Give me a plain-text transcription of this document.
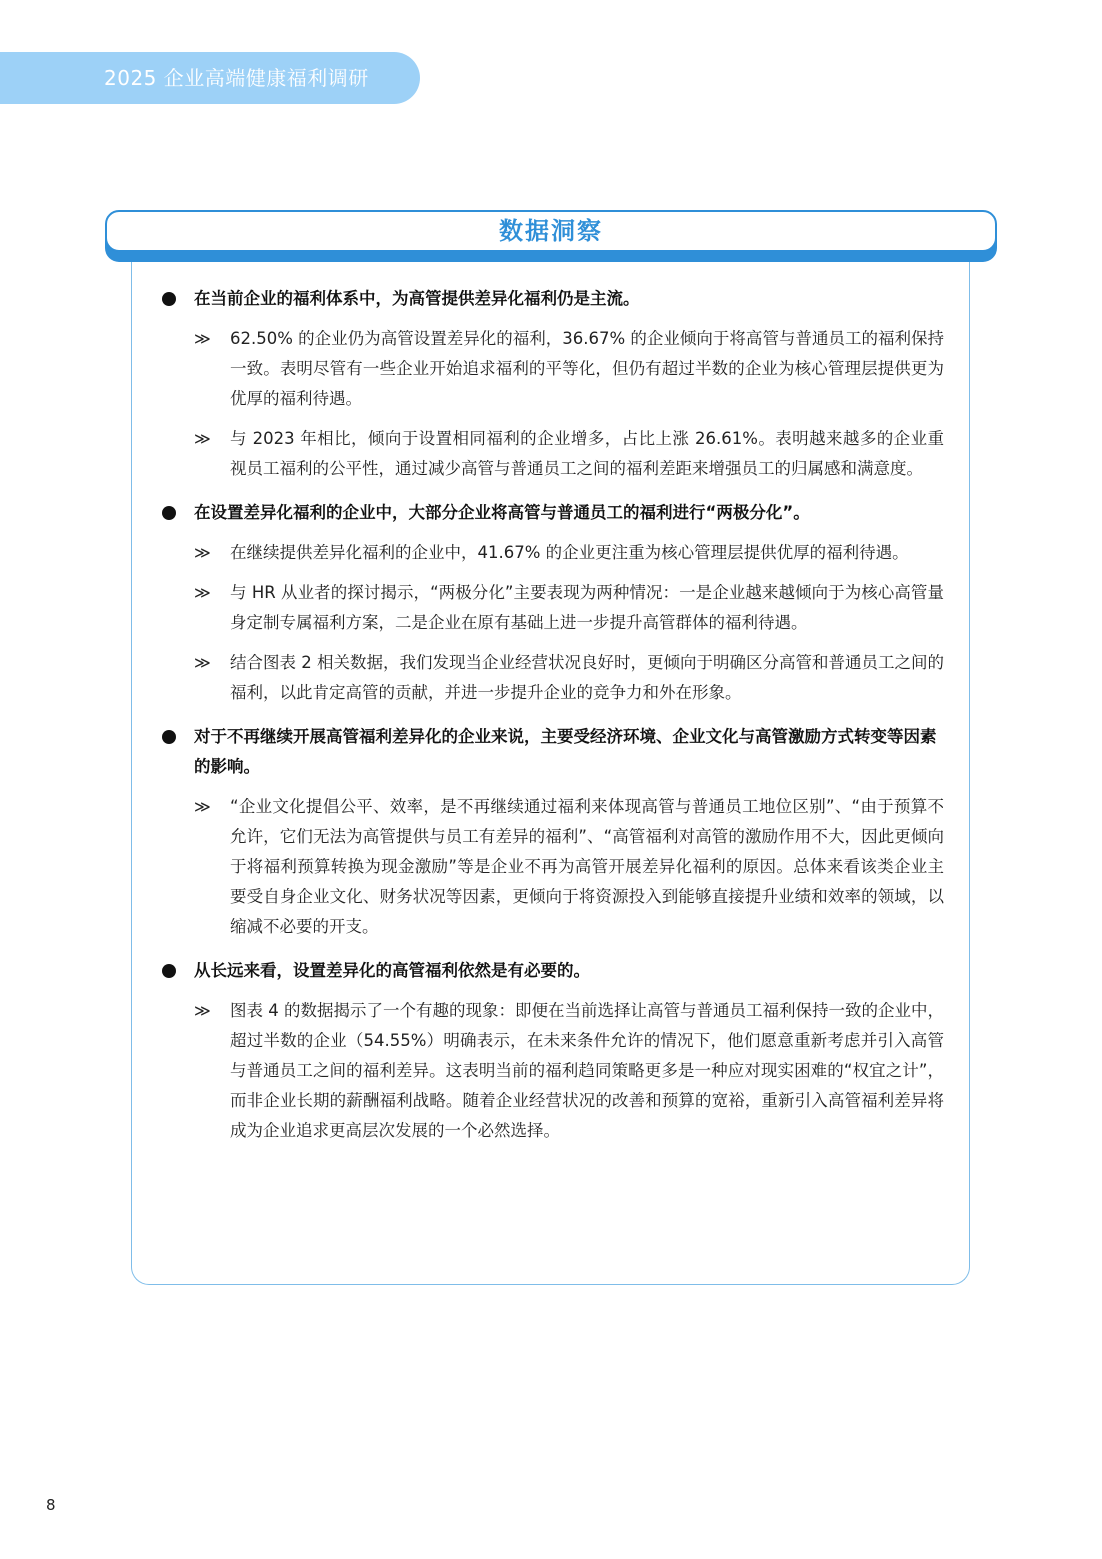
2025 企业高端健康福利调研
数据洞察
在当前企业的福利体系中，为高管提供差异化福利仍是主流。
≫ 62.50% 的企业仍为高管设置差异化的福利，36.67% 的企业倾向于将高管与普通员工的福利保持一致。表明尽管有一些企业开始追求福利的平等化，但仍有超过半数的企业为核心管理层提供更为优厚的福利待遇。
≫ 与 2023 年相比，倾向于设置相同福利的企业增多，占比上涨 26.61%。表明越来越多的企业重视员工福利的公平性，通过减少高管与普通员工之间的福利差距来增强员工的归属感和满意度。
在设置差异化福利的企业中，大部分企业将高管与普通员工的福利进行“两极分化”。
≫ 在继续提供差异化福利的企业中，41.67% 的企业更注重为核心管理层提供优厚的福利待遇。
≫ 与 HR 从业者的探讨揭示，“两极分化”主要表现为两种情况：一是企业越来越倾向于为核心高管量身定制专属福利方案，二是企业在原有基础上进一步提升高管群体的福利待遇。
≫ 结合图表 2 相关数据，我们发现当企业经营状况良好时，更倾向于明确区分高管和普通员工之间的福利，以此肯定高管的贡献，并进一步提升企业的竞争力和外在形象。
对于不再继续开展高管福利差异化的企业来说，主要受经济环境、企业文化与高管激励方式转变等因素的影响。
≫ “企业文化提倡公平、效率，是不再继续通过福利来体现高管与普通员工地位区别”、“由于预算不允许，它们无法为高管提供与员工有差异的福利”、“高管福利对高管的激励作用不大，因此更倾向于将福利预算转换为现金激励”等是企业不再为高管开展差异化福利的原因。总体来看该类企业主要受自身企业文化、财务状况等因素，更倾向于将资源投入到能够直接提升业绩和效率的领域，以缩减不必要的开支。
从长远来看，设置差异化的高管福利依然是有必要的。
≫ 图表 4 的数据揭示了一个有趣的现象：即便在当前选择让高管与普通员工福利保持一致的企业中，超过半数的企业（54.55%）明确表示，在未来条件允许的情况下，他们愿意重新考虑并引入高管与普通员工之间的福利差异。这表明当前的福利趋同策略更多是一种应对现实困难的“权宜之计”，而非企业长期的薪酬福利战略。随着企业经营状况的改善和预算的宽裕，重新引入高管福利差异将成为企业追求更高层次发展的一个必然选择。
8
